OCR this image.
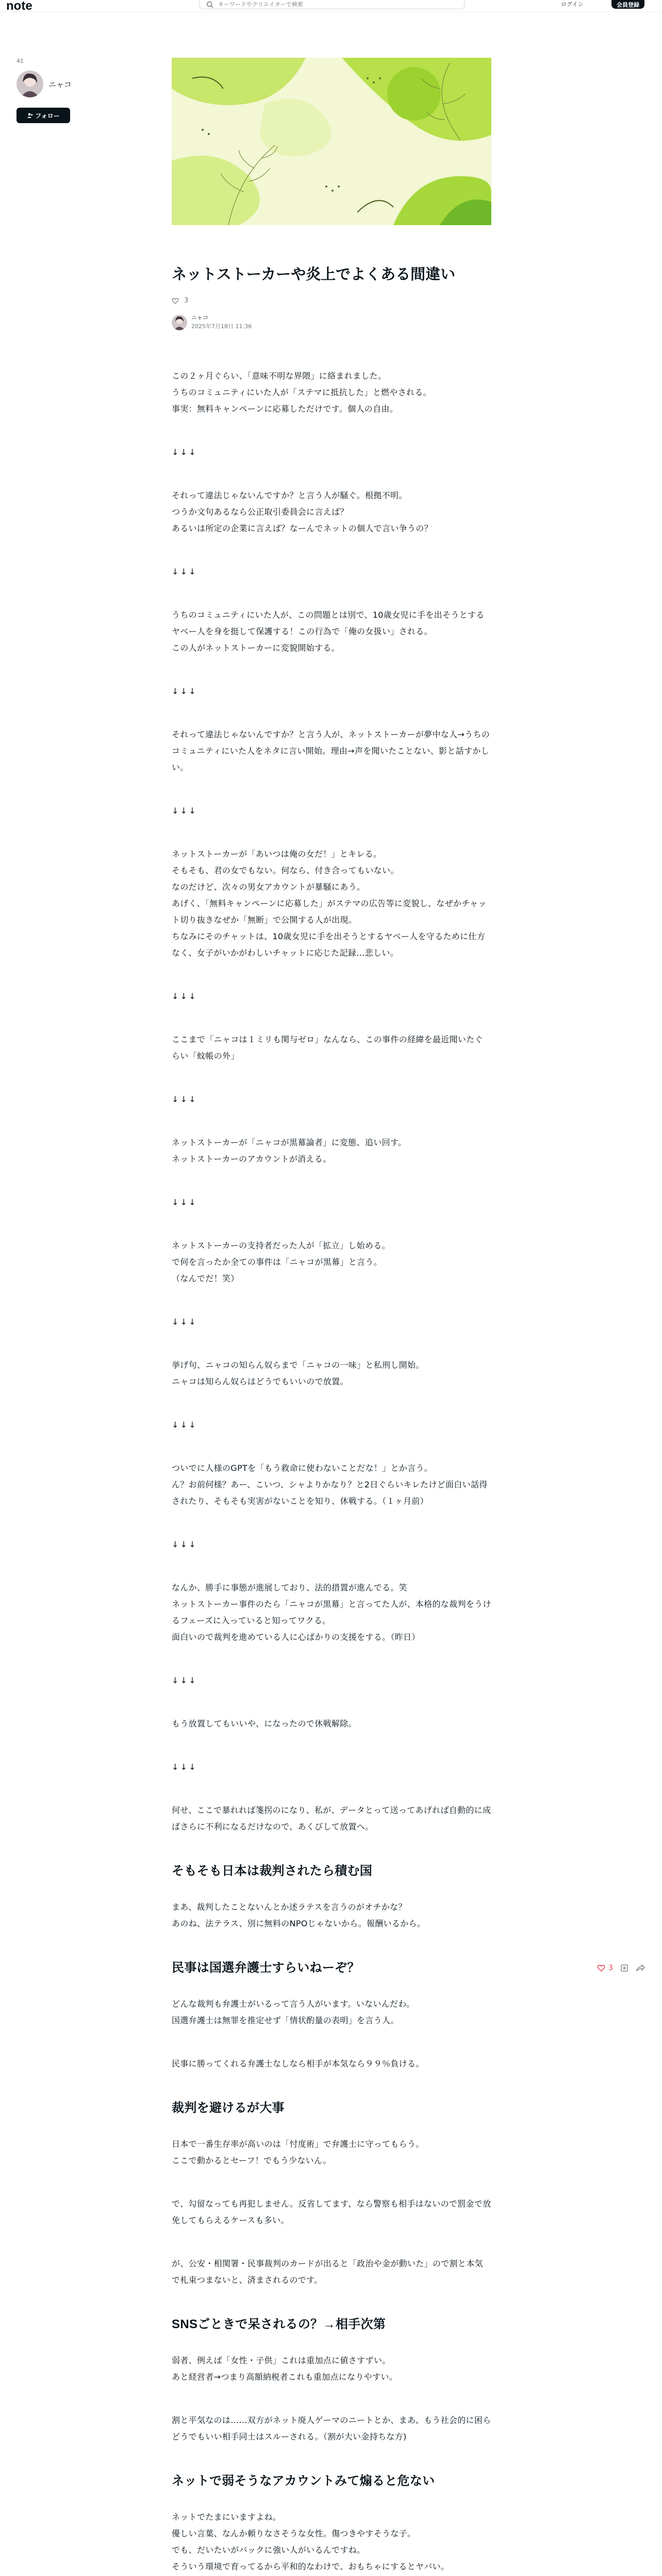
note
キーワードやクリエイターで検索	ログイン	会員登録
41
ニャコ
フォロー
ネットストーカーや炎上でよくある間違い
3
ニャコ
2025年7月18日 11:36

この２ヶ月ぐらい、「意味不明な界隈」に絡まれました。
うちのコミュニティにいた人が「ステマに抵抗した」と燃やされる。
事実：無料キャンペーンに応募しただけです。個人の自由。

↓↓↓

それって違法じゃないんですか？と言う人が騒ぐ。根拠不明。
つうか文句あるなら公正取引委員会に言えば？
あるいは所定の企業に言えば？なーんでネットの個人で言い争うの？

↓↓↓

うちのコミュニティにいた人が、この問題とは別で、10歳女児に手を出そうとするヤベー人を身を挺して保護する！この行為で「俺の女扱い」される。
この人がネットストーカーに変貌開始する。

↓↓↓

それって違法じゃないんですか？と言う人が、ネットストーカーが夢中な人→うちのコミュニティにいた人をネタに言い開始。理由→声を聞いたことない、影と話すかしい。

↓↓↓

ネットストーカーが「あいつは俺の女だ！」とキレる。
そもそも、君の女でもない。何なら、付き合ってもいない。
なのだけど、次々の男女アカウントが暴騒にあう。
あげく、「無料キャンペーンに応募した」がステマの広告等に変貌し、なぜかチャット切り抜きなぜか「無断」で公開する人が出現。
ちなみにそのチャットは、10歳女児に手を出そうとするヤベー人を守るために仕方なく、女子がいかがわしいチャットに応じた記録…悲しい。

↓↓↓

ここまで「ニャコは１ミリも関与ゼロ」なんなら、この事件の経緯を最近聞いたぐらい「蚊帳の外」

↓↓↓

ネットストーカーが「ニャコが黒幕論者」に変態、追い回す。
ネットストーカーのアカウントが消える。

↓↓↓

ネットストーカーの支持者だった人が「拡立」し始める。
で何を言ったか全ての事件は「ニャコが黒幕」と言う。
（なんでだ！笑）

↓↓↓

挙げ句、ニャコの知らん奴らまで「ニャコの一味」と私刑し開始。
ニャコは知らん奴らはどうでもいいので放置。

↓↓↓

ついでに人様のGPTを「もう救命に使わないことだな！」とか言う。
ん？お前何様？あー、こいつ、シャよりかなり？と2日ぐらいキレたけど面白い話得されたり、そもそも実害がないことを知り、休戦する。（１ヶ月前）

↓↓↓

なんか、勝手に事態が進展しており、法的措置が進んでる。笑
ネットストーカー事件のたら「ニャコが黒幕」と言ってた人が、本格的な裁判をうけるフェーズに入っていると知ってワクる。
面白いので裁判を進めている人に心ばかりの支援をする。（昨日）

↓↓↓

もう放置してもいいや、になったので休戦解除。

↓↓↓

何せ、ここで暴れれば箋拐のになり、私が、データとって送ってあげれば自動的に成ばさらに不利になるだけなので、あくびして放置へ。

そもそも日本は裁判されたら積む国

まあ、裁判したことないんとか述ラテスを言うのがオチかな？
あのね、法テラス、別に無料のNPOじゃないから。報酬いるから。

民事は国選弁護士すらいねーぞ？

どんな裁判も弁護士がいるって言う人がいます。いないんだわ。
国選弁護士は無罪を推定せず「情状酌量の表明」を言う人。

民事に勝ってくれる弁護士なしなら相手が本気なら９９％負ける。

裁判を避けるが大事

日本で一番生存率が高いのは「忖度術」で弁護士に守ってもらう。
ここで動かるとセーフ！でもう少ないん。

で、勾留なっても再犯しません。反省してます、なら警察も相手はないので罰金で放免してもらえるケースも多い。

が、公安・相関署・民事裁判のカードが出ると「政治や金が動いた」ので割と本気で札束つまないと、済まされるのです。

SNSごときで呆されるの？→相手次第

弱者、例えば「女性・子供」これは重加点に値さすずい。
あと経営者→つまり高額納税者これも重加点になりやすい。

割と平気なのは……双方がネット廃人ゲーマのニートとか、まあ、もう社会的に困らどうでもいい相手同士はスルーされる。（割が大い金持ちな方)

ネットで弱そうなアカウントみて煽ると危ない

ネットでたまにいますよね。
優しい言葉、なんか頼りなさそうな女性。傷つきやすそうな子。
でも、だいたいがバックに強い人がいるんですね。
そういう環境で育ってるから平和的なわけで、おもちゃにするとヤバい。

3
